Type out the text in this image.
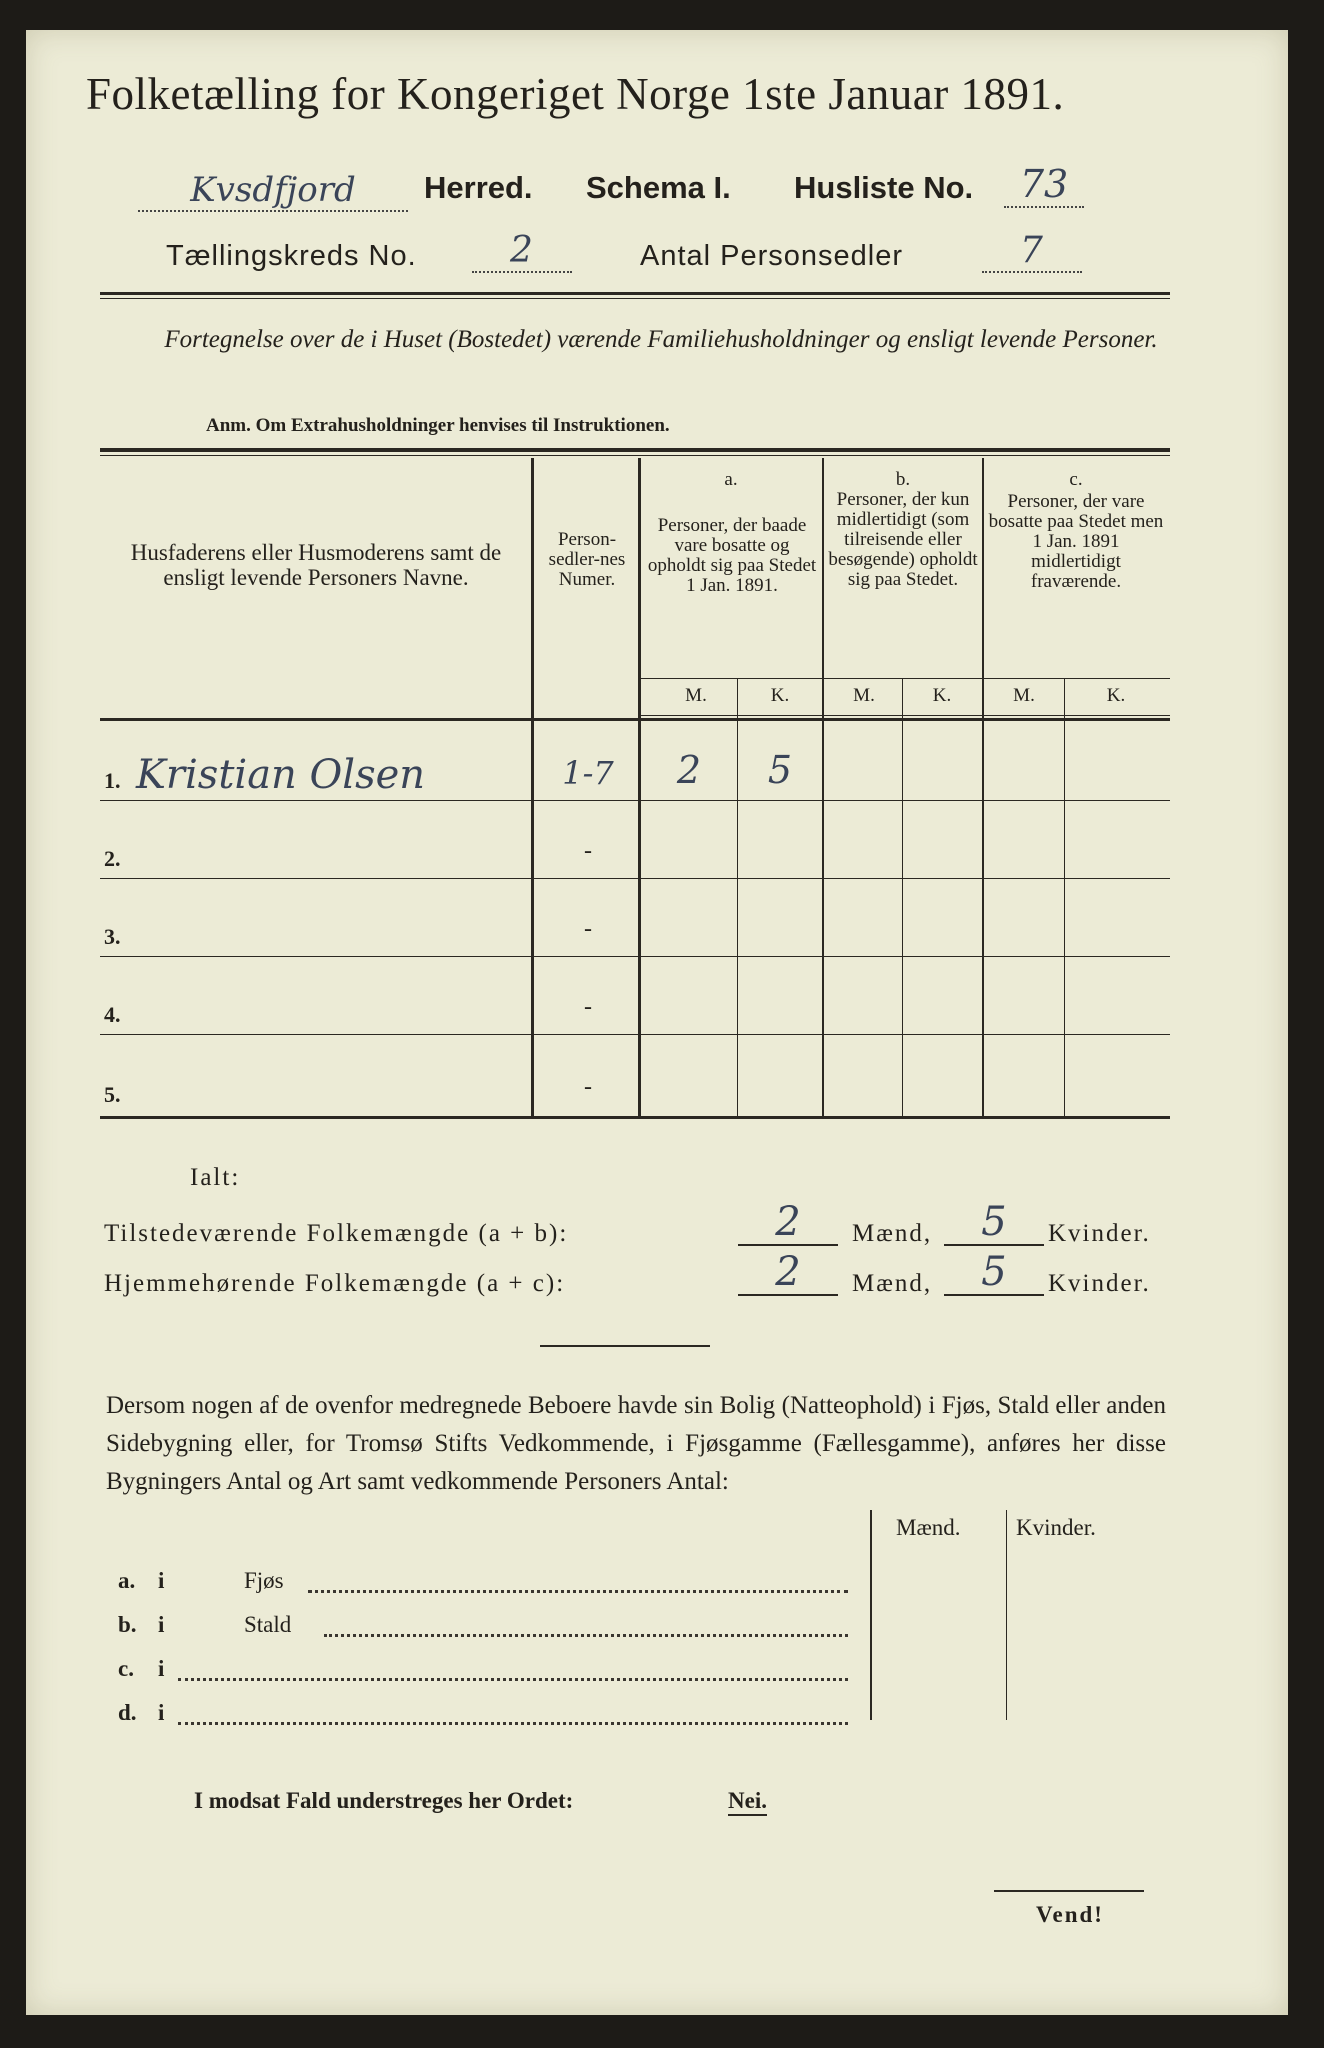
Folketælling for Kongeriget Norge 1ste Januar 1891.
Kvsdfjord	Herred. Schema I. Husliste No.	73
Tællingskreds No.	2	Antal Personsedler	7
Fortegnelse over de i Huset (Bostedet) værende Familiehusholdninger og ensligt levende Personer.
Anm. Om Extrahusholdninger henvises til Instruktionen.
Husfaderens eller Husmoderens samt de ensligt levende Personers Navne.
Person-sedler-nes Numer.
a.
Personer, der baade vare bosatte og opholdt sig paa Stedet 1 Jan. 1891.
b.
Personer, der kun midlertidigt (som tilreisende eller besøgende) opholdt sig paa Stedet.
c.
Personer, der vare bosatte paa Stedet men 1 Jan. 1891 midlertidigt fraværende.
M.	K.	M.	K.	M.	K.
1. Kristian Olsen	1-7	2	5
2.	-
3.	-
4.	-
5.	-
Ialt:
Tilstedeværende Folkemængde (a + b):	2	Mænd,	5	Kvinder.
Hjemmehørende Folkemængde (a + c):	2	Mænd,	5	Kvinder.
Dersom nogen af de ovenfor medregnede Beboere havde sin Bolig (Natteophold) i Fjøs, Stald eller anden Sidebygning eller, for Tromsø Stifts Vedkommende, i Fjøsgamme (Fællesgamme), anføres her disse Bygningers Antal og Art samt vedkommende Personers Antal:
Mænd. Kvinder.
a. i	Fjøs
b. i	Stald
c. i
d. i
I modsat Fald understreges her Ordet:	Nei.
Vend!
